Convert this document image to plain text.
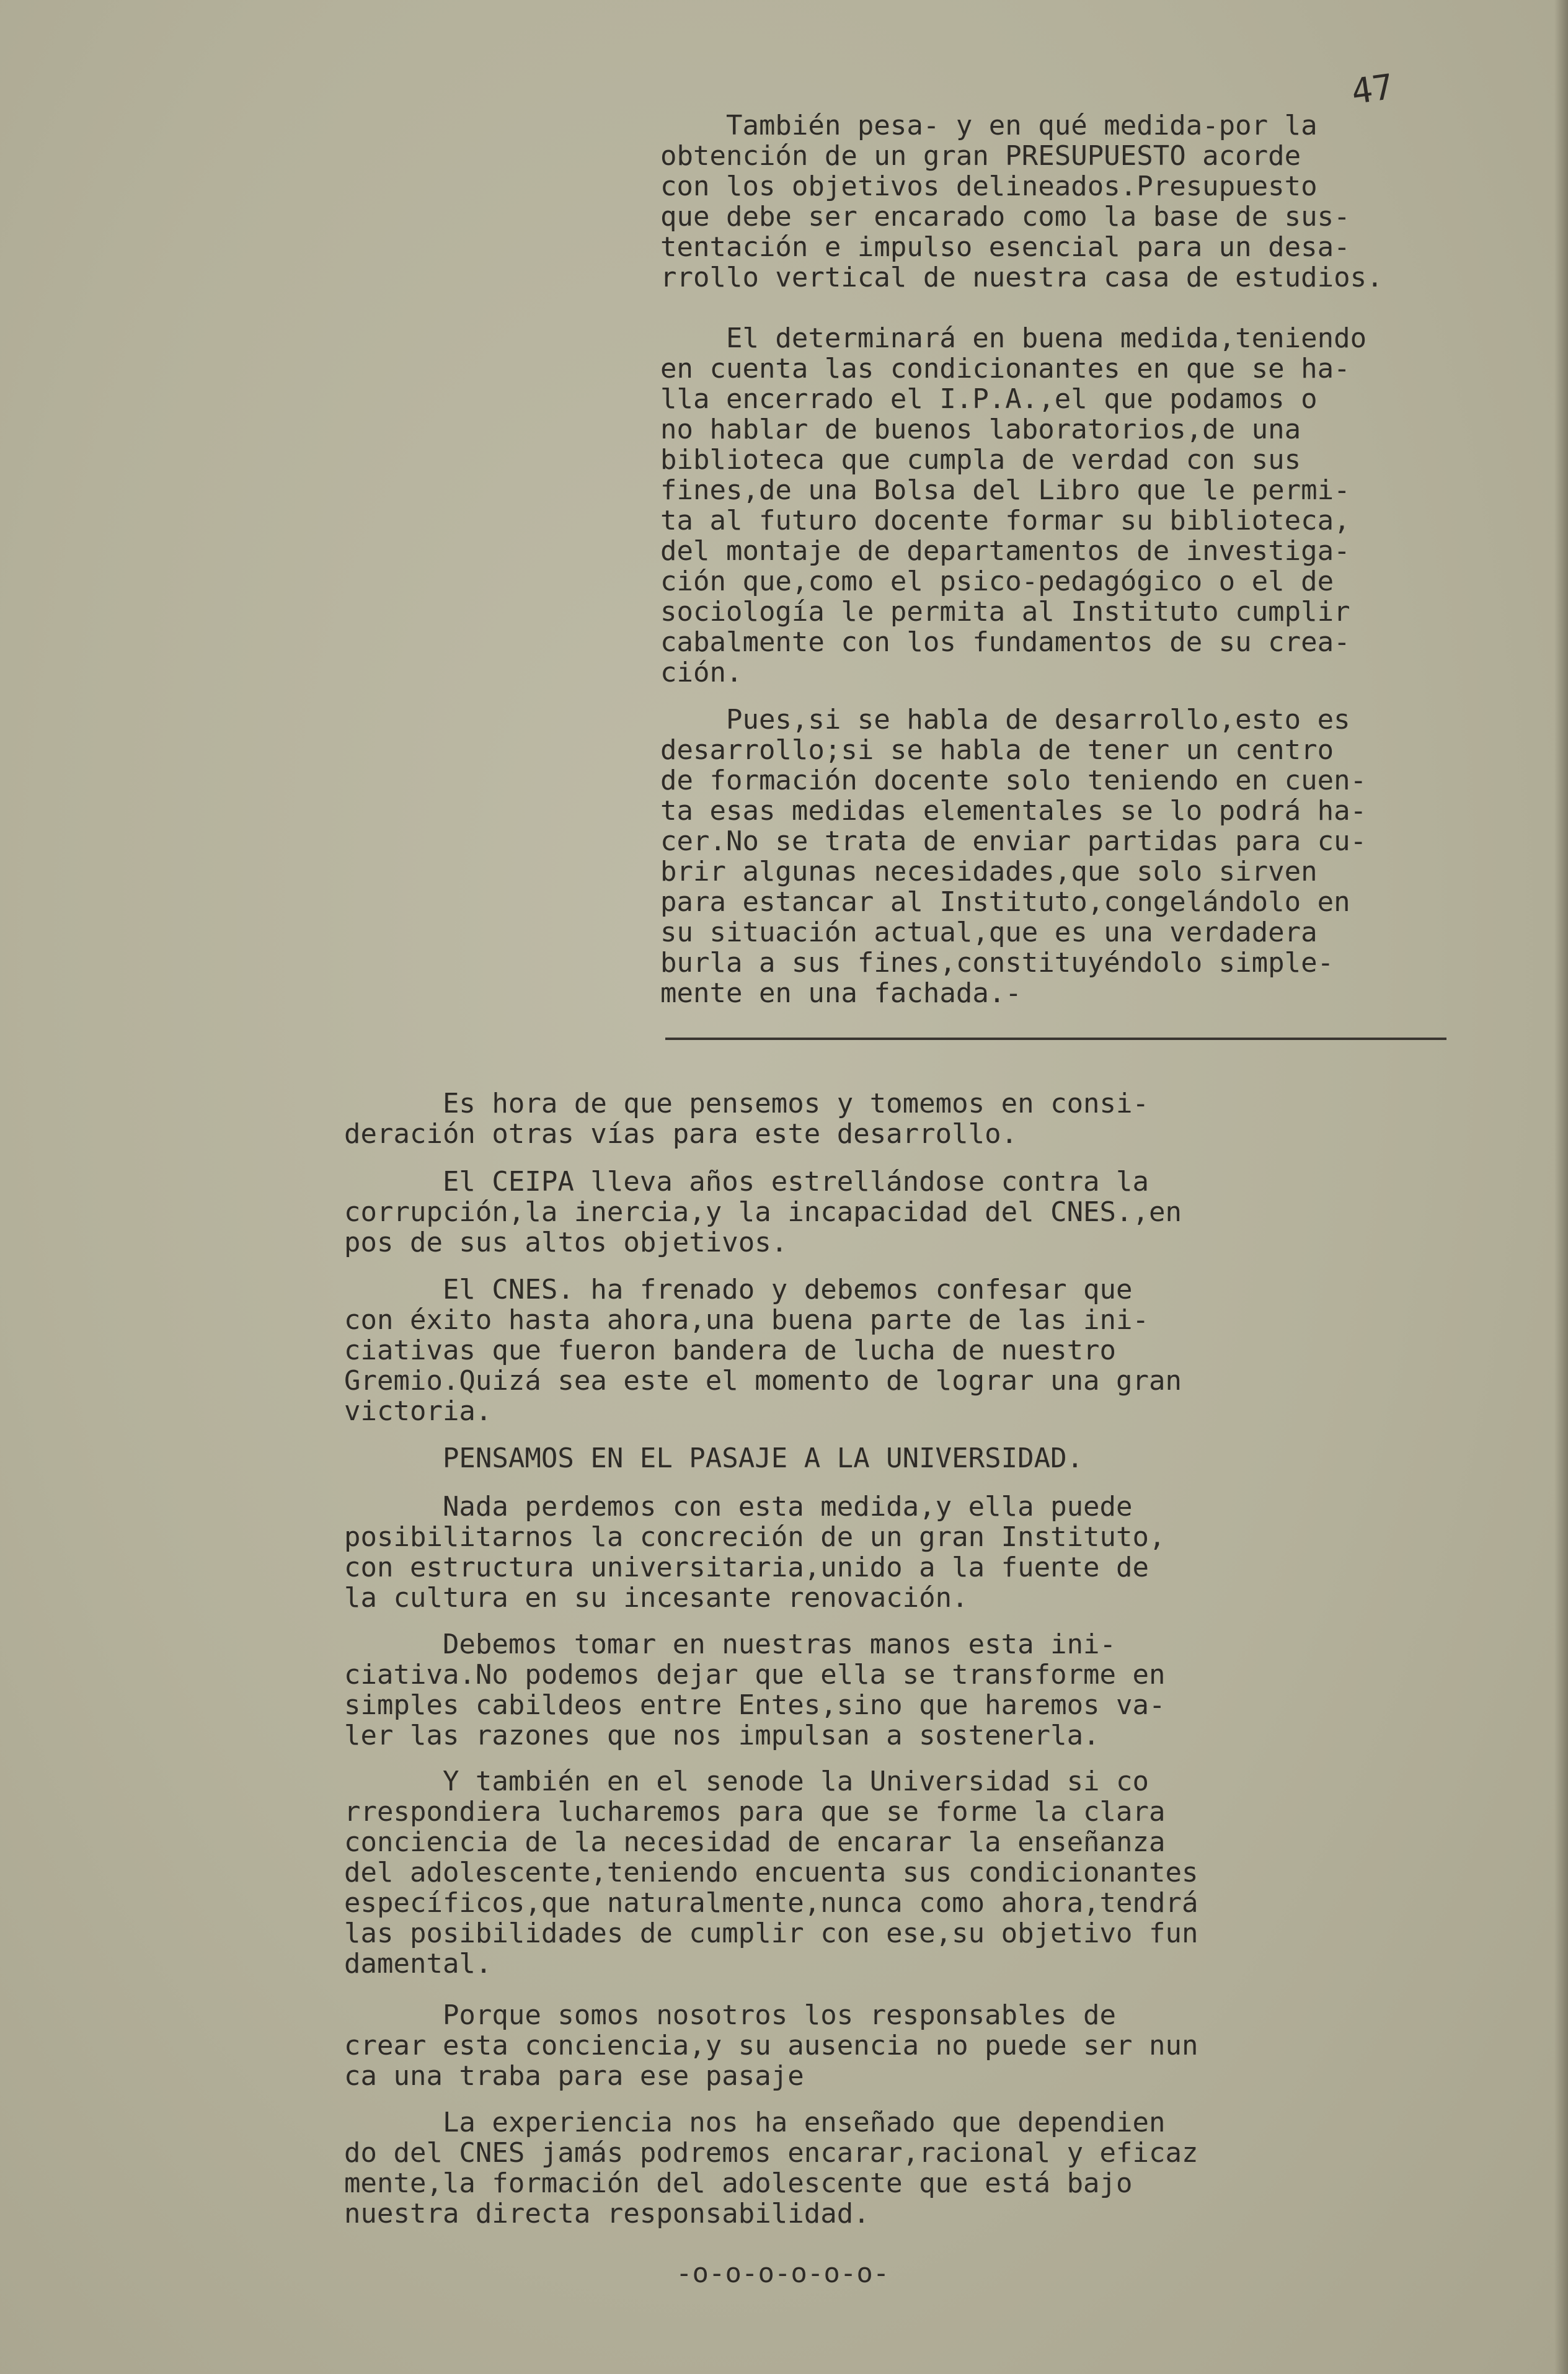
47

También pesa- y en qué medida-por la
obtención de un gran PRESUPUESTO acorde
con los objetivos delineados.Presupuesto
que debe ser encarado como la base de sus-
tentación e impulso esencial para un desa-
rrollo vertical de nuestra casa de estudios.

El determinará en buena medida,teniendo
en cuenta las condicionantes en que se ha-
lla encerrado el I.P.A.,el que podamos o
no hablar de buenos laboratorios,de una
biblioteca que cumpla de verdad con sus
fines,de una Bolsa del Libro que le permi-
ta al futuro docente formar su biblioteca,
del montaje de departamentos de investiga-
ción que,como el psico-pedagógico o el de
sociología le permita al Instituto cumplir
cabalmente con los fundamentos de su crea-
ción.

Pues,si se habla de desarrollo,esto es
desarrollo;si se habla de tener un centro
de formación docente solo teniendo en cuen-
ta esas medidas elementales se lo podrá ha-
cer.No se trata de enviar partidas para cu-
brir algunas necesidades,que solo sirven
para estancar al Instituto,congelándolo en
su situación actual,que es una verdadera
burla a sus fines,constituyéndolo simple-
mente en una fachada.-

Es hora de que pensemos y tomemos en consi-
deración otras vías para este desarrollo.

El CEIPA lleva años estrellándose contra la
corrupción,la inercia,y la incapacidad del CNES.,en
pos de sus altos objetivos.

El CNES. ha frenado y debemos confesar que
con éxito hasta ahora,una buena parte de las ini-
ciativas que fueron bandera de lucha de nuestro
Gremio.Quizá sea este el momento de lograr una gran
victoria.

PENSAMOS EN EL PASAJE A LA UNIVERSIDAD.

Nada perdemos con esta medida,y ella puede
posibilitarnos la concreción de un gran Instituto,
con estructura universitaria,unido a la fuente de
la cultura en su incesante renovación.

Debemos tomar en nuestras manos esta ini-
ciativa.No podemos dejar que ella se transforme en
simples cabildeos entre Entes,sino que haremos va-
ler las razones que nos impulsan a sostenerla.

Y también en el senode la Universidad si co
rrespondiera lucharemos para que se forme la clara
conciencia de la necesidad de encarar la enseñanza
del adolescente,teniendo encuenta sus condicionantes
específicos,que naturalmente,nunca como ahora,tendrá
las posibilidades de cumplir con ese,su objetivo fun
damental.

Porque somos nosotros los responsables de
crear esta conciencia,y su ausencia no puede ser nun
ca una traba para ese pasaje

La experiencia nos ha enseñado que dependien
do del CNES jamás podremos encarar,racional y eficaz
mente,la formación del adolescente que está bajo
nuestra directa responsabilidad.

-o-o-o-o-o-o-
